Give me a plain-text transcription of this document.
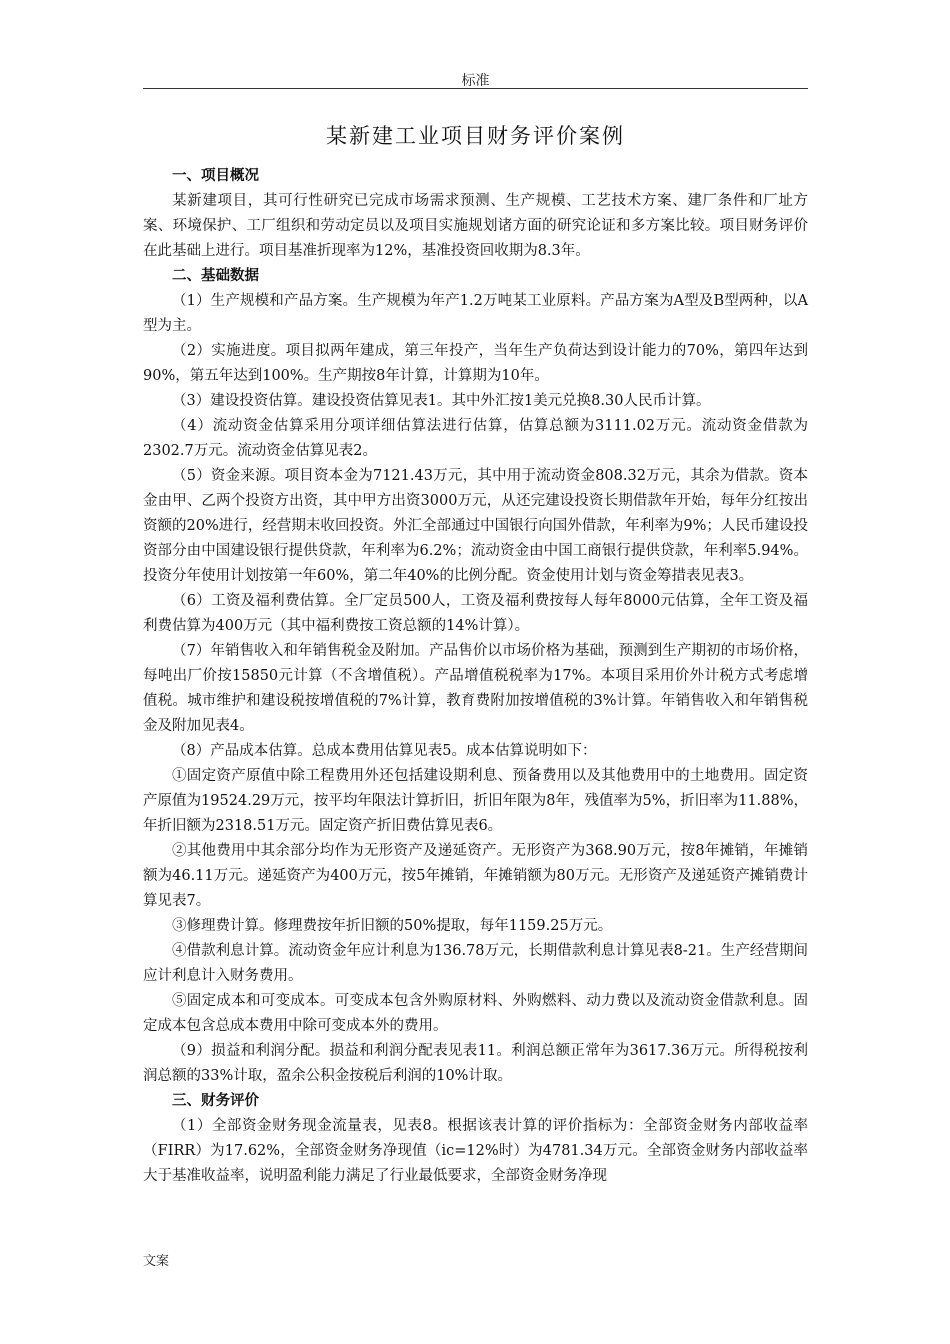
标准
某新建工业项目财务评价案例
一、项目概况

某新建项目，其可行性研究已完成市场需求预测、生产规模、工艺技术方案、建厂条件和厂址方案、环境保护、工厂组织和劳动定员以及项目实施规划诸方面的研究论证和多方案比较。项目财务评价在此基础上进行。项目基准折现率为12%，基准投资回收期为8.3年。

二、基础数据

（1）生产规模和产品方案。生产规模为年产1.2万吨某工业原料。产品方案为A型及B型两种，以A型为主。

（2）实施进度。项目拟两年建成，第三年投产，当年生产负荷达到设计能力的70%，第四年达到90%，第五年达到100%。生产期按8年计算，计算期为10年。

（3）建设投资估算。建设投资估算见表1。其中外汇按1美元兑换8.30人民币计算。

（4）流动资金估算采用分项详细估算法进行估算，估算总额为3111.02万元。流动资金借款为2302.7万元。流动资金估算见表2。

（5）资金来源。项目资本金为7121.43万元，其中用于流动资金808.32万元，其余为借款。资本金由甲、乙两个投资方出资，其中甲方出资3000万元，从还完建设投资长期借款年开始，每年分红按出资额的20%进行，经营期末收回投资。外汇全部通过中国银行向国外借款，年利率为9%；人民币建设投资部分由中国建设银行提供贷款，年利率为6.2%；流动资金由中国工商银行提供贷款，年利率5.94%。投资分年使用计划按第一年60%，第二年40%的比例分配。资金使用计划与资金筹措表见表3。

（6）工资及福利费估算。全厂定员500人，工资及福利费按每人每年8000元估算，全年工资及福利费估算为400万元（其中福利费按工资总额的14%计算）。

（7）年销售收入和年销售税金及附加。产品售价以市场价格为基础，预测到生产期初的市场价格，每吨出厂价按15850元计算（不含增值税）。产品增值税税率为17%。本项目采用价外计税方式考虑增值税。城市维护和建设税按增值税的7%计算，教育费附加按增值税的3%计算。年销售收入和年销售税金及附加见表4。

（8）产品成本估算。总成本费用估算见表5。成本估算说明如下：

①固定资产原值中除工程费用外还包括建设期利息、预备费用以及其他费用中的土地费用。固定资产原值为19524.29万元，按平均年限法计算折旧，折旧年限为8年，残值率为5%，折旧率为11.88%，年折旧额为2318.51万元。固定资产折旧费估算见表6。

②其他费用中其余部分均作为无形资产及递延资产。无形资产为368.90万元，按8年摊销，年摊销额为46.11万元。递延资产为400万元，按5年摊销，年摊销额为80万元。无形资产及递延资产摊销费计算见表7。

③修理费计算。修理费按年折旧额的50%提取，每年1159.25万元。

④借款利息计算。流动资金年应计利息为136.78万元，长期借款利息计算见表8-21。生产经营期间应计利息计入财务费用。

⑤固定成本和可变成本。可变成本包含外购原材料、外购燃料、动力费以及流动资金借款利息。固定成本包含总成本费用中除可变成本外的费用。

（9）损益和利润分配。损益和利润分配表见表11。利润总额正常年为3617.36万元。所得税按利润总额的33%计取，盈余公积金按税后利润的10%计取。

三、财务评价

（1）全部资金财务现金流量表，见表8。根据该表计算的评价指标为：全部资金财务内部收益率（FIRR）为17.62%，全部资金财务净现值（ic=12%时）为4781.34万元。全部资金财务内部收益率大于基准收益率，说明盈利能力满足了行业最低要求，全部资金财务净现

文案
